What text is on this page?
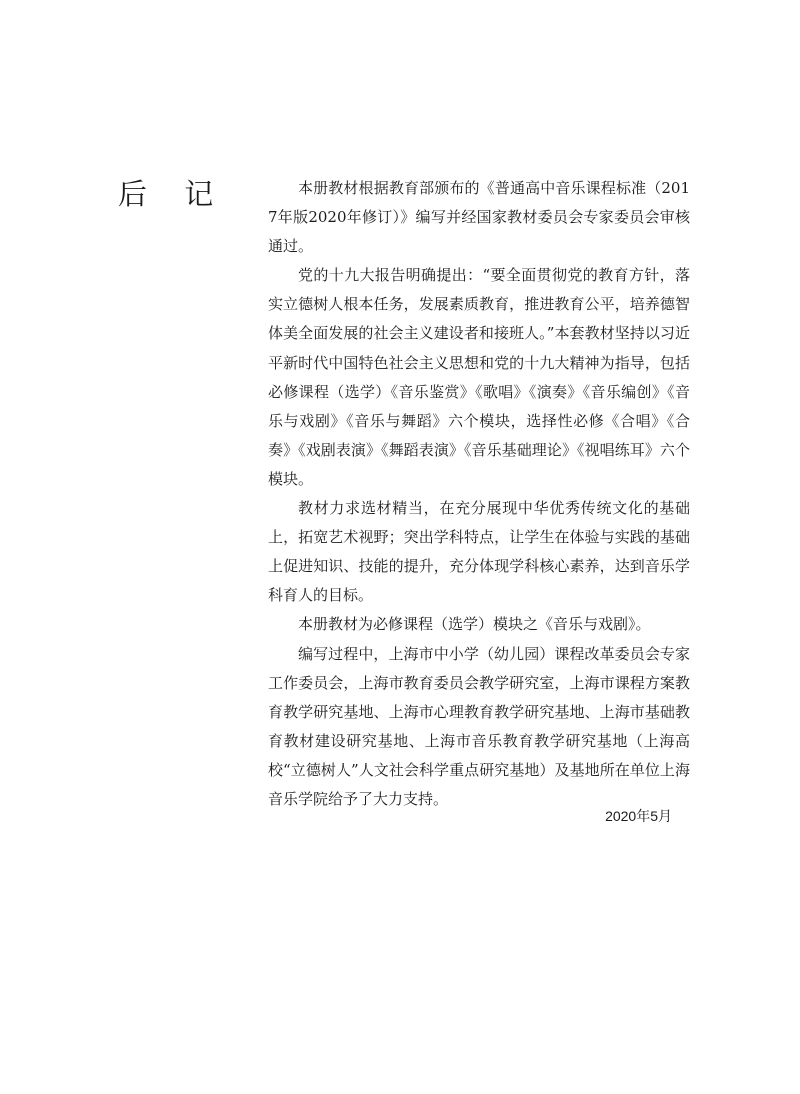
后 记	本册教材根据教育部颁布的《普通高中音乐课程标准（2017年版2020年修订）》编写并经国家教材委员会专家委员会审核通过。

党的十九大报告明确提出：“要全面贯彻党的教育方针，落实立德树人根本任务，发展素质教育，推进教育公平，培养德智体美全面发展的社会主义建设者和接班人。”本套教材坚持以习近平新时代中国特色社会主义思想和党的十九大精神为指导，包括必修课程（选学）《音乐鉴赏》《歌唱》《演奏》《音乐编创》《音乐与戏剧》《音乐与舞蹈》六个模块，选择性必修《合唱》《合奏》《戏剧表演》《舞蹈表演》《音乐基础理论》《视唱练耳》六个模块。

教材力求选材精当，在充分展现中华优秀传统文化的基础上，拓宽艺术视野；突出学科特点，让学生在体验与实践的基础上促进知识、技能的提升，充分体现学科核心素养，达到音乐学科育人的目标。

本册教材为必修课程（选学）模块之《音乐与戏剧》。

编写过程中，上海市中小学（幼儿园）课程改革委员会专家工作委员会，上海市教育委员会教学研究室，上海市课程方案教育教学研究基地、上海市心理教育教学研究基地、上海市基础教育教材建设研究基地、上海市音乐教育教学研究基地（上海高校“立德树人”人文社会科学重点研究基地）及基地所在单位上海音乐学院给予了大力支持。

2020年5月
